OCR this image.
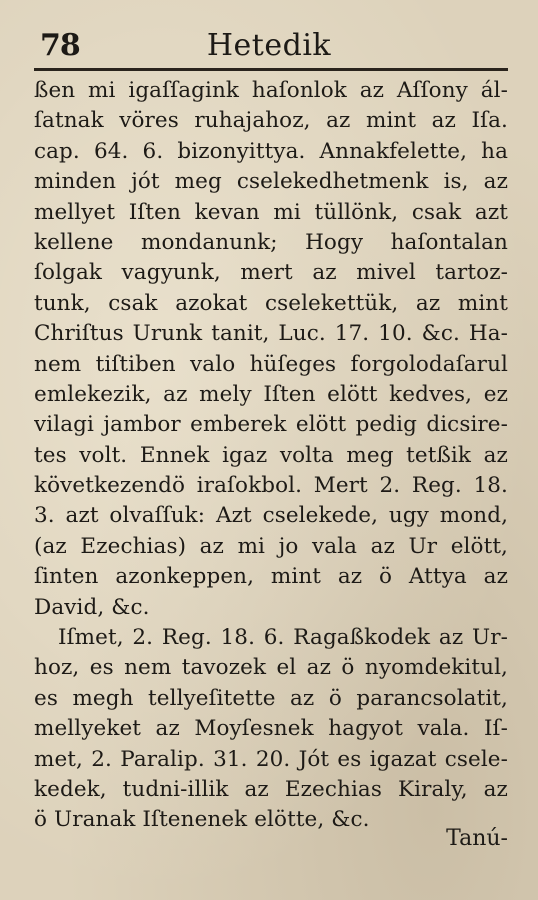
78	Hetedik
ßen mi igaſſagink haſonlok az Aſſony ál-
ſatnak vöres ruhajahoz, az mint az Iſa.
cap. 64. 6. bizonyittya. Annakfelette, ha
minden jót meg cselekedhetmenk is, az
mellyet Iſten kevan mi tüllönk, csak azt
kellene mondanunk; Hogy haſontalan
ſolgak vagyunk, mert az mivel tartoz-
tunk, csak azokat cselekettük, az mint
Chriſtus Urunk tanit, Luc. 17. 10. &c. Ha-
nem tiſtiben valo hüſeges forgolodaſarul
emlekezik, az mely Iſten elött kedves, ez
vilagi jambor emberek elött pedig dicsire-
tes volt. Ennek igaz volta meg tetßik az
következendö iraſokbol. Mert 2. Reg. 18.
3. azt olvaſſuk: Azt cselekede, ugy mond,
(az Ezechias) az mi jo vala az Ur elött,
ſinten azonkeppen, mint az ö Attya az
David, &c.
Iſmet, 2. Reg. 18. 6. Ragaßkodek az Ur-
hoz, es nem tavozek el az ö nyomdekitul,
es megh tellyeſitette az ö parancsolatit,
mellyeket az Moyſesnek hagyot vala. Iſ-
met, 2. Paralip. 31. 20. Jót es igazat csele-
kedek, tudni-illik az Ezechias Kiraly, az
ö Uranak Iſtenenek elötte, &c.
Tanú-
